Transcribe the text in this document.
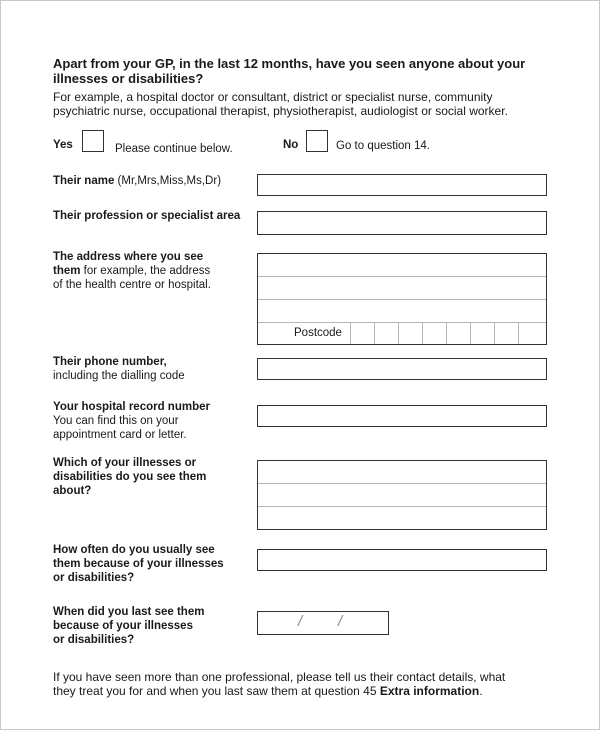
Apart from your GP, in the last 12 months, have you seen anyone about your
illnesses or disabilities?
For example, a hospital doctor or consultant, district or specialist nurse, community
psychiatric nurse, occupational therapist, physiotherapist, audiologist or social worker.
Yes	Please continue below.	No	Go to question 14.
Their name (Mr,Mrs,Miss,Ms,Dr)
Their profession or specialist area
The address where you see
them for example, the address
of the health centre or hospital.
Postcode
Their phone number,
including the dialling code
Your hospital record number
You can find this on your
appointment card or letter.
Which of your illnesses or
disabilities do you see them
about?
How often do you usually see
them because of your illnesses
or disabilities?
When did you last see them
because of your illnesses
or disabilities?
/ /
If you have seen more than one professional, please tell us their contact details, what
they treat you for and when you last saw them at question 45 Extra information.
